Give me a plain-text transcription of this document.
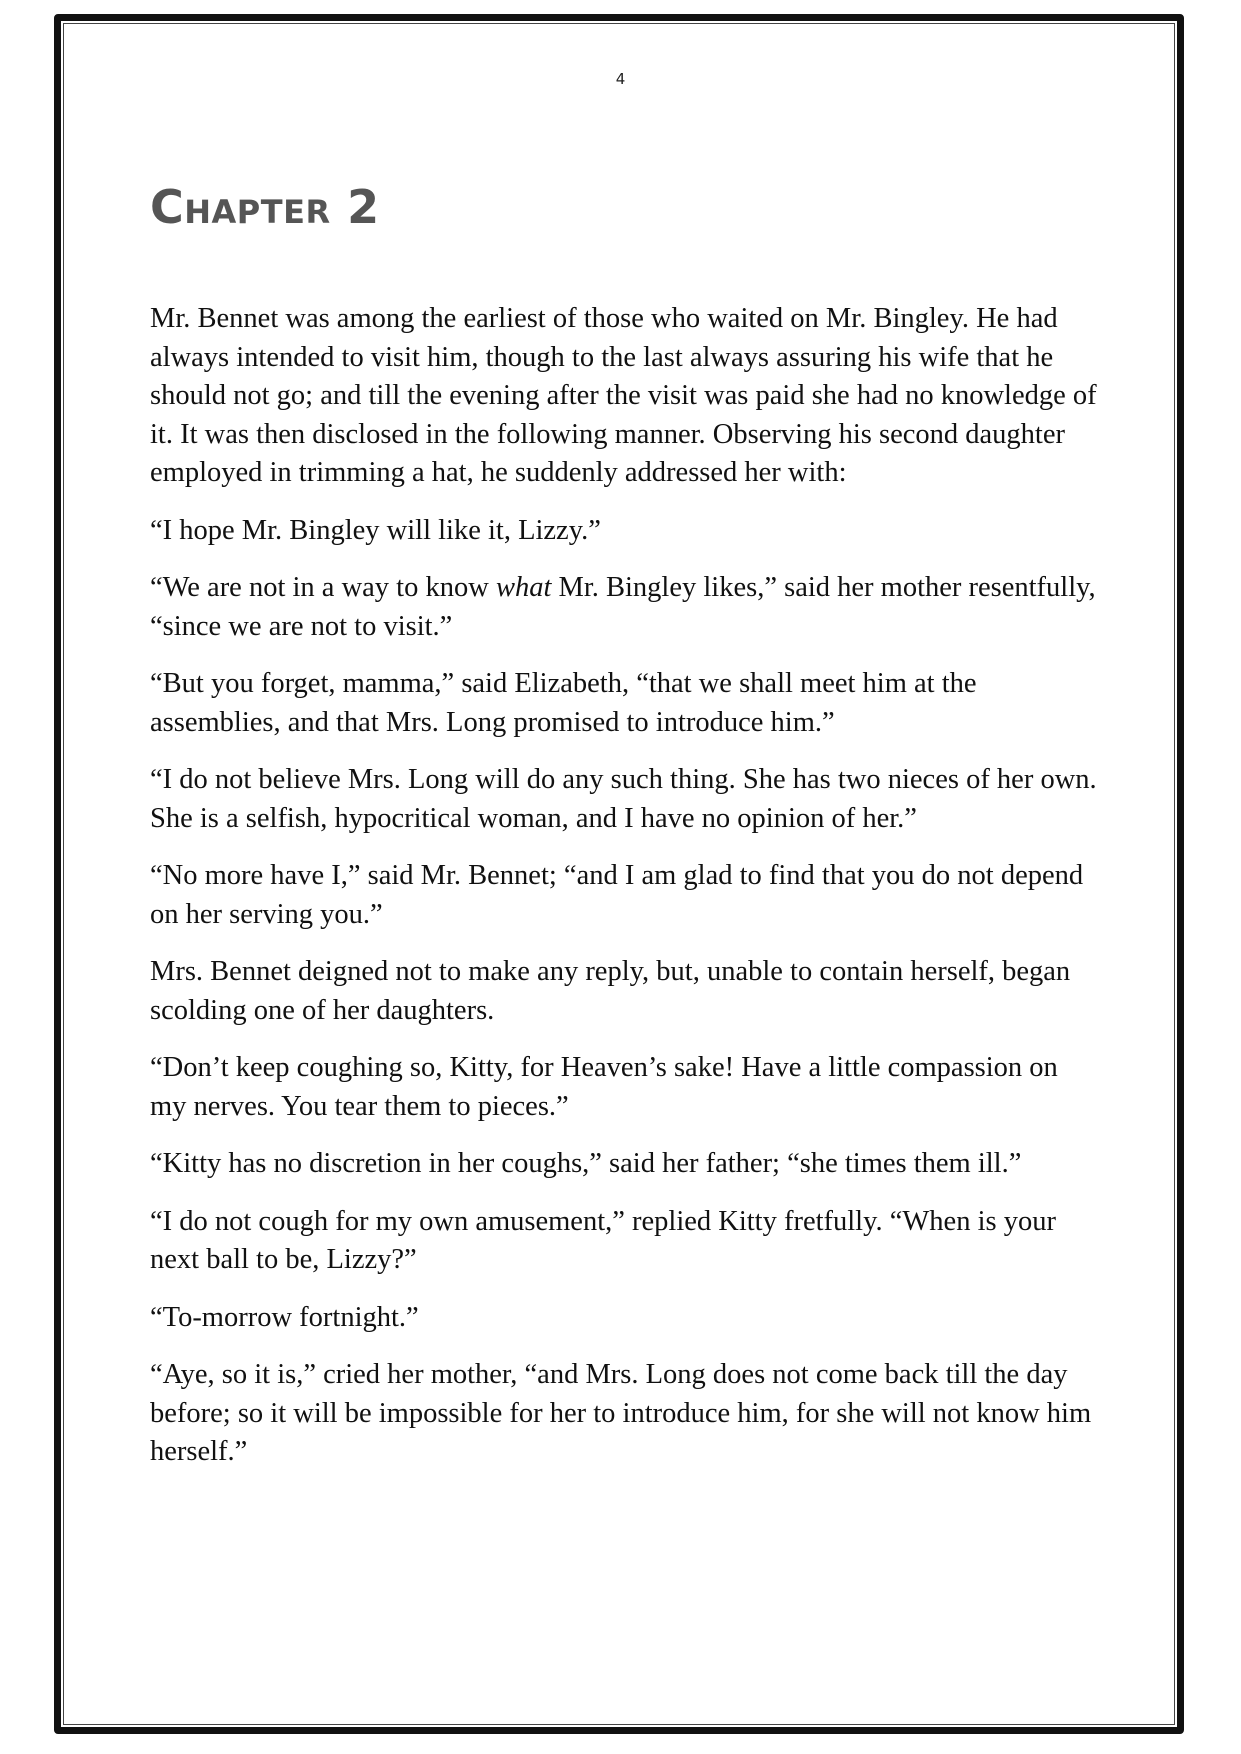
4
Chapter 2

Mr. Bennet was among the earliest of those who waited on Mr. Bingley. He had always intended to visit him, though to the last always assuring his wife that he should not go; and till the evening after the visit was paid she had no knowledge of it. It was then disclosed in the following manner. Observing his second daughter employed in trimming a hat, he suddenly addressed her with:

“I hope Mr. Bingley will like it, Lizzy.”

“We are not in a way to know what Mr. Bingley likes,” said her mother resentfully, “since we are not to visit.”

“But you forget, mamma,” said Elizabeth, “that we shall meet him at the assemblies, and that Mrs. Long promised to introduce him.”

“I do not believe Mrs. Long will do any such thing. She has two nieces of her own. She is a selfish, hypocritical woman, and I have no opinion of her.”

“No more have I,” said Mr. Bennet; “and I am glad to find that you do not depend on her serving you.”

Mrs. Bennet deigned not to make any reply, but, unable to contain herself, began scolding one of her daughters.

“Don’t keep coughing so, Kitty, for Heaven’s sake! Have a little compassion on my nerves. You tear them to pieces.”

“Kitty has no discretion in her coughs,” said her father; “she times them ill.”

“I do not cough for my own amusement,” replied Kitty fretfully. “When is your next ball to be, Lizzy?”

“To-morrow fortnight.”

“Aye, so it is,” cried her mother, “and Mrs. Long does not come back till the day before; so it will be impossible for her to introduce him, for she will not know him herself.”
